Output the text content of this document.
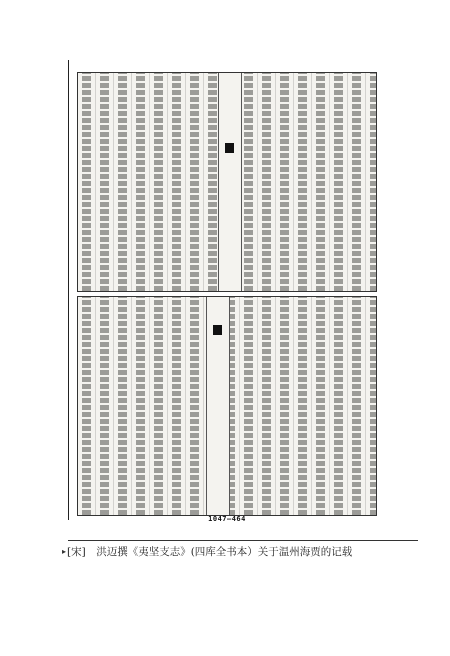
1047—464
▸[宋]　洪迈撰《夷坚支志》(四库全书本）关于温州海贾的记载
